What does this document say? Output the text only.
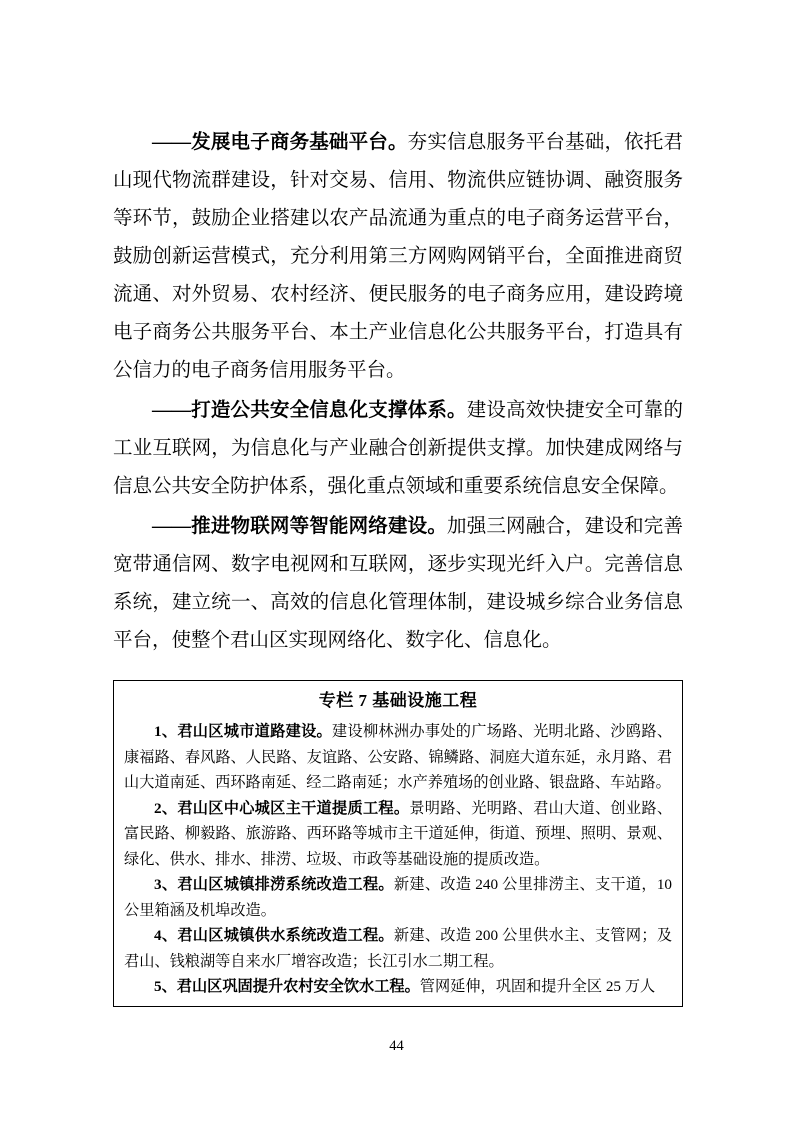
——发展电子商务基础平台。夯实信息服务平台基础，依托君山现代物流群建设，针对交易、信用、物流供应链协调、融资服务等环节，鼓励企业搭建以农产品流通为重点的电子商务运营平台，鼓励创新运营模式，充分利用第三方网购网销平台，全面推进商贸流通、对外贸易、农村经济、便民服务的电子商务应用，建设跨境电子商务公共服务平台、本土产业信息化公共服务平台，打造具有公信力的电子商务信用服务平台。

——打造公共安全信息化支撑体系。建设高效快捷安全可靠的工业互联网，为信息化与产业融合创新提供支撑。加快建成网络与信息公共安全防护体系，强化重点领域和重要系统信息安全保障。

——推进物联网等智能网络建设。加强三网融合，建设和完善宽带通信网、数字电视网和互联网，逐步实现光纤入户。完善信息系统，建立统一、高效的信息化管理体制，建设城乡综合业务信息平台，使整个君山区实现网络化、数字化、信息化。

专栏 7 基础设施工程

1、君山区城市道路建设。建设柳林洲办事处的广场路、光明北路、沙鸥路、康福路、春风路、人民路、友谊路、公安路、锦鳞路、洞庭大道东延，永月路、君山大道南延、西环路南延、经二路南延；水产养殖场的创业路、银盘路、车站路。

2、君山区中心城区主干道提质工程。景明路、光明路、君山大道、创业路、富民路、柳毅路、旅游路、西环路等城市主干道延伸，街道、预埋、照明、景观、绿化、供水、排水、排涝、垃圾、市政等基础设施的提质改造。

3、君山区城镇排涝系统改造工程。新建、改造 240 公里排涝主、支干道，10 公里箱涵及机埠改造。

4、君山区城镇供水系统改造工程。新建、改造 200 公里供水主、支管网；及君山、钱粮湖等自来水厂增容改造；长江引水二期工程。

5、君山区巩固提升农村安全饮水工程。管网延伸，巩固和提升全区 25 万人

44
